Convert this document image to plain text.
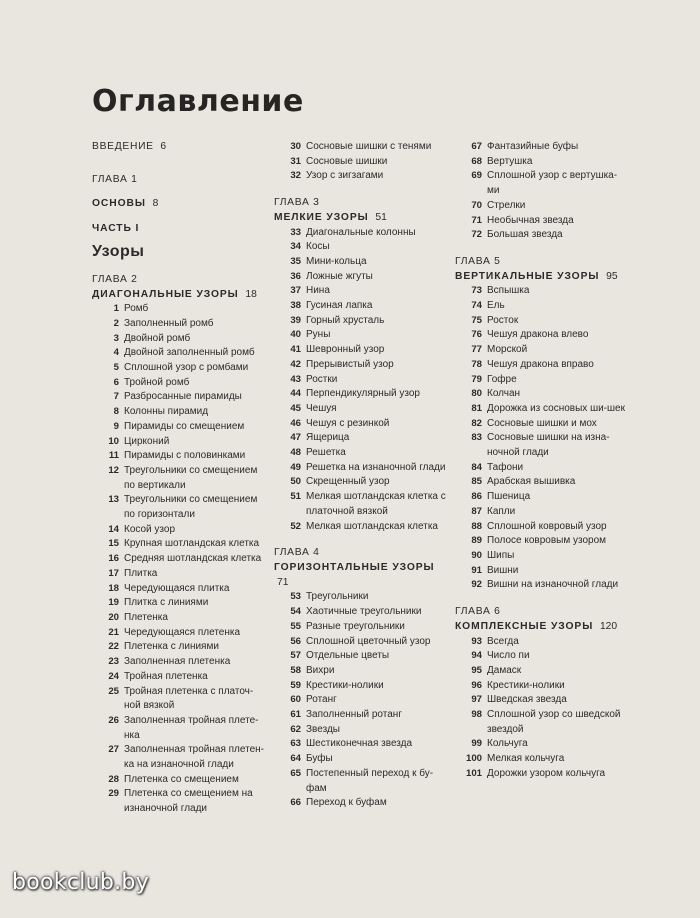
Оглавление
ВВЕДЕНИЕ 6
ГЛАВА 1
ОСНОВЫ 8
ЧАСТЬ I
Узоры
ГЛАВА 2
ДИАГОНАЛЬНЫЕ УЗОРЫ 18
1 Ромб
2 Заполненный ромб
3 Двойной ромб
4 Двойной заполненный ромб
5 Сплошной узор с ромбами
6 Тройной ромб
7 Разбросанные пирамиды
8 Колонны пирамид
9 Пирамиды со смещением
10 Цирконий
11 Пирамиды с половинками
12 Треугольники со смещением по вертикали
13 Треугольники со смещением по горизонтали
14 Косой узор
15 Крупная шотландская клетка
16 Средняя шотландская клетка
17 Плитка
18 Чередующаяся плитка
19 Плитка с линиями
20 Плетенка
21 Чередующаяся плетенка
22 Плетенка с линиями
23 Заполненная плетенка
24 Тройная плетенка
25 Тройная плетенка с платоч-ной вязкой
26 Заполненная тройная плете-нка
27 Заполненная тройная плетен-ка на изнаночной глади
28 Плетенка со смещением
29 Плетенка со смещением на изнаночной глади
30 Сосновые шишки с тенями
31 Сосновые шишки
32 Узор с зигзагами
ГЛАВА 3
МЕЛКИЕ УЗОРЫ 51
33 Диагональные колонны
34 Косы
35 Мини-кольца
36 Ложные жгуты
37 Нина
38 Гусиная лапка
39 Горный хрусталь
40 Руны
41 Шевронный узор
42 Прерывистый узор
43 Ростки
44 Перпендикулярный узор
45 Чешуя
46 Чешуя с резинкой
47 Ящерица
48 Решетка
49 Решетка на изнаночной глади
50 Скрещенный узор
51 Мелкая шотландская клетка с платочной вязкой
52 Мелкая шотландская клетка
ГЛАВА 4
ГОРИЗОНТАЛЬНЫЕ УЗОРЫ 71
53 Треугольники
54 Хаотичные треугольники
55 Разные треугольники
56 Сплошной цветочный узор
57 Отдельные цветы
58 Вихри
59 Крестики-нолики
60 Ротанг
61 Заполненный ротанг
62 Звезды
63 Шестиконечная звезда
64 Буфы
65 Постепенный переход к бу-фам
66 Переход к буфам
67 Фантазийные буфы
68 Вертушка
69 Сплошной узор с вертушка-ми
70 Стрелки
71 Необычная звезда
72 Большая звезда
ГЛАВА 5
ВЕРТИКАЛЬНЫЕ УЗОРЫ 95
73 Вспышка
74 Ель
75 Росток
76 Чешуя дракона влево
77 Морской
78 Чешуя дракона вправо
79 Гофре
80 Колчан
81 Дорожка из сосновых ши-шек
82 Сосновые шишки и мох
83 Сосновые шишки на изна-ночной глади
84 Тафони
85 Арабская вышивка
86 Пшеница
87 Капли
88 Сплошной ковровый узор
89 Полосе ковровым узором
90 Шипы
91 Вишни
92 Вишни на изнаночной глади
ГЛАВА 6
КОМПЛЕКСНЫЕ УЗОРЫ 120
93 Всегда
94 Число пи
95 Дамаск
96 Крестики-нолики
97 Шведская звезда
98 Сплошной узор со шведской звездой
99 Кольчуга
100 Мелкая кольчуга
101 Дорожки узором кольчуга
bookclub.by
